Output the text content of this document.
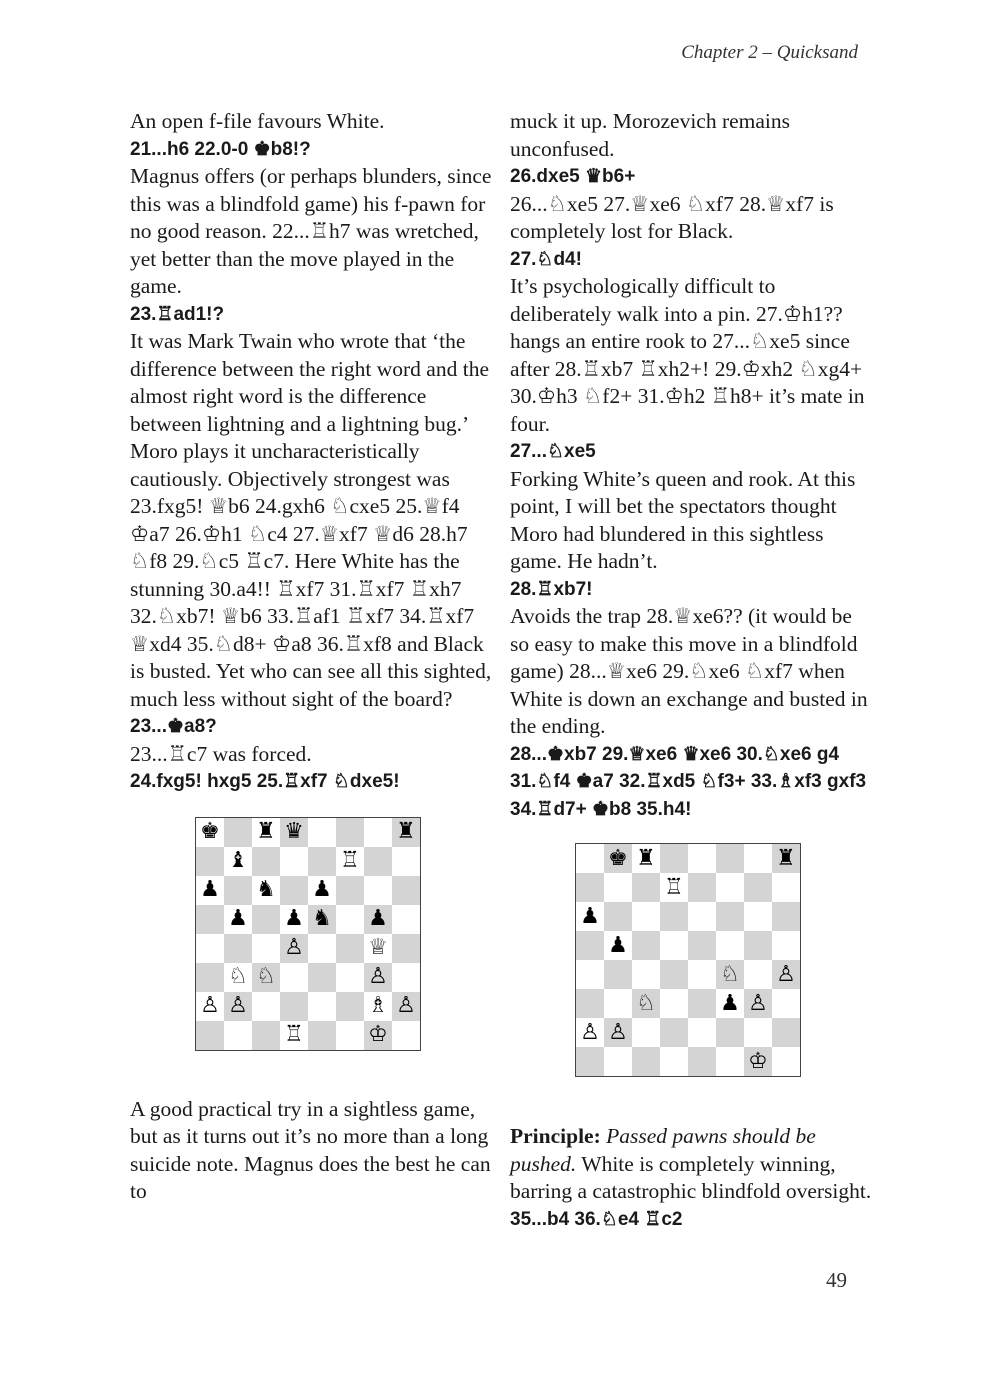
Chapter 2 – Quicksand

An open f-file favours White.

21...h6 22.0-0 ♚b8!?

Magnus offers (or perhaps blunders, since this was a blindfold game) his f-pawn for no good reason. 22...♖h7 was wretched, yet better than the move played in the game.

23.♖ad1!?

It was Mark Twain who wrote that ‘the difference between the right word and the almost right word is the difference between lightning and a lightning bug.’ Moro plays it uncharacteristically cautiously. Objectively strongest was 23.fxg5! ♕b6 24.gxh6 ♘cxe5 25.♕f4 ♔a7 26.♔h1 ♘c4 27.♕xf7 ♕d6 28.h7 ♘f8 29.♘c5 ♖c7. Here White has the stunning 30.a4!! ♖xf7 31.♖xf7 ♖xh7 32.♘xb7! ♕b6 33.♖af1 ♖xf7 34.♖xf7 ♕xd4 35.♘d8+ ♔a8 36.♖xf8 and Black is busted. Yet who can see all this sighted, much less without sight of the board?

23...♚a8?

23...♖c7 was forced.

24.fxg5! hxg5 25.♖xf7 ♘dxe5!

♚ ♜ ♛	♜
♝	♖
♟ ♞ ♟
♟ ♟ ♞ ♟
♙	♕
♘ ♘	♙
♙ ♙	♗ ♙
♖	♔

A good practical try in a sightless game, but as it turns out it’s no more than a long suicide note. Magnus does the best he can to

muck it up. Morozevich remains unconfused.

26.dxe5 ♛b6+

26...♘xe5 27.♕xe6 ♘xf7 28.♕xf7 is completely lost for Black.

27.♘d4!

It’s psychologically difficult to deliberately walk into a pin. 27.♔h1?? hangs an entire rook to 27...♘xe5 since after 28.♖xb7 ♖xh2+! 29.♔xh2 ♘xg4+ 30.♔h3 ♘f2+ 31.♔h2 ♖h8+ it’s mate in four.

27...♘xe5

Forking White’s queen and rook. At this point, I will bet the spectators thought Moro had blundered in this sightless game. He hadn’t.

28.♖xb7!

Avoids the trap 28.♕xe6?? (it would be so easy to make this move in a blindfold game) 28...♕xe6 29.♘xe6 ♘xf7 when White is down an exchange and busted in the ending.

28...♚xb7 29.♕xe6 ♛xe6 30.♘xe6 g4 31.♘f4 ♚a7 32.♖xd5 ♘f3+ 33.♗xf3 gxf3 34.♖d7+ ♚b8 35.h4!

♚ ♜	♜
♖
♟
♟
♘ ♙
♘	♟ ♙
♙ ♙
♔

Principle: Passed pawns should be pushed. White is completely winning, barring a catastrophic blindfold oversight.

35...b4 36.♘e4 ♖c2

49
